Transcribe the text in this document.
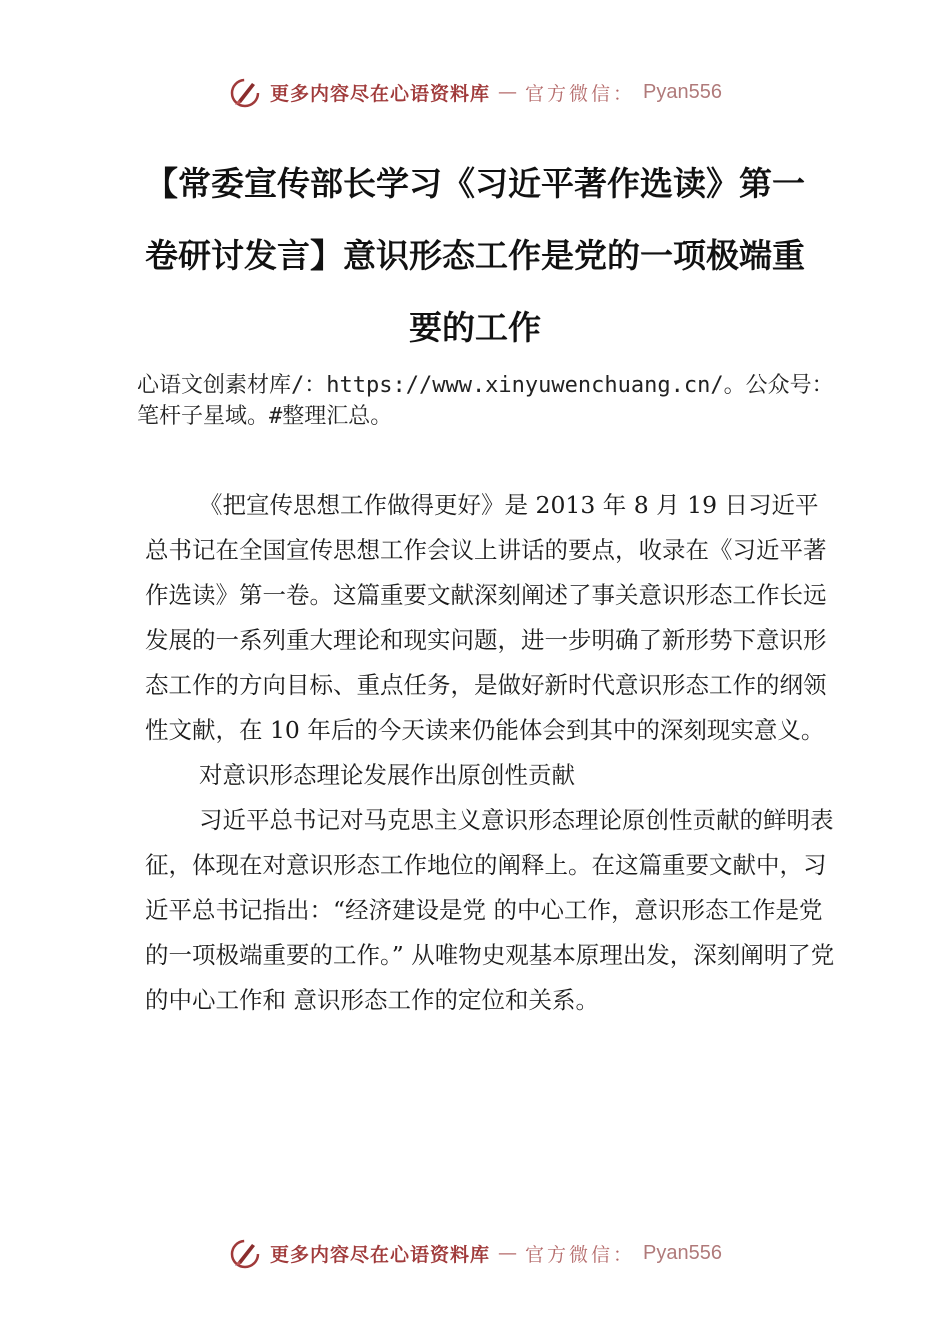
更多内容尽在心语资料库 — 官方微信： Pyan556
【常委宣传部长学习《习近平著作选读》第一卷研讨发言】意识形态工作是党的一项极端重要的工作

心语文创素材库/：https://www.xinyuwenchuang.cn/。公众号：笔杆子星域。#整理汇总。

《把宣传思想工作做得更好》是 2013 年 8 月 19 日习近平总书记在全国宣传思想工作会议上讲话的要点，收录在《习近平著作选读》第一卷。这篇重要文献深刻阐述了事关意识形态工作长远发展的一系列重大理论和现实问题，进一步明确了新形势下意识形态工作的方向目标、重点任务，是做好新时代意识形态工作的纲领性文献，在 10 年后的今天读来仍能体会到其中的深刻现实意义。

对意识形态理论发展作出原创性贡献

习近平总书记对马克思主义意识形态理论原创性贡献的鲜明表征，体现在对意识形态工作地位的阐释上。在这篇重要文献中，习近平总书记指出：“经济建设是党 的中心工作，意识形态工作是党的一项极端重要的工作。” 从唯物史观基本原理出发，深刻阐明了党的中心工作和 意识形态工作的定位和关系。

更多内容尽在心语资料库 — 官方微信： Pyan556
